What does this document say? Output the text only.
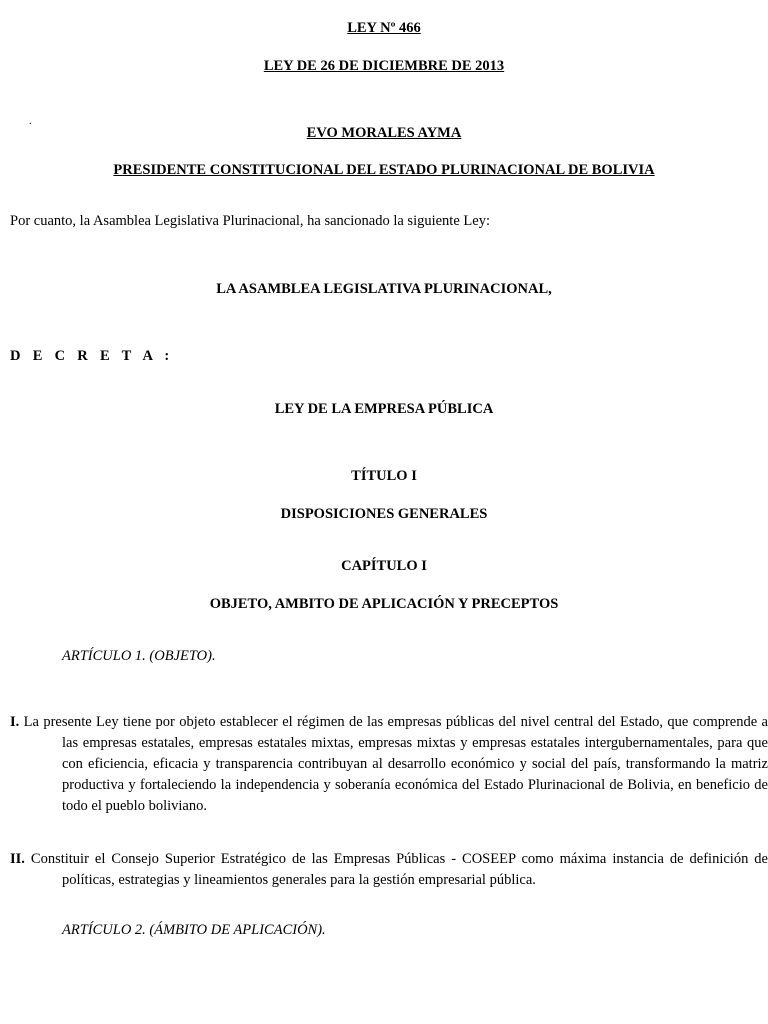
LEY Nº 466
LEY DE 26 DE DICIEMBRE DE 2013
.
EVO MORALES AYMA
PRESIDENTE CONSTITUCIONAL DEL ESTADO PLURINACIONAL DE BOLIVIA
Por cuanto, la Asamblea Legislativa Plurinacional, ha sancionado la siguiente Ley:
LA ASAMBLEA LEGISLATIVA PLURINACIONAL,
D E C R E T A :
LEY DE LA EMPRESA PÚBLICA
TÍTULO I
DISPOSICIONES GENERALES
CAPÍTULO I
OBJETO, AMBITO DE APLICACIÓN Y PRECEPTOS
ARTÍCULO 1. (OBJETO).
I. La presente Ley tiene por objeto establecer el régimen de las empresas públicas del nivel central del Estado, que comprende a las empresas estatales, empresas estatales mixtas, empresas mixtas y empresas estatales intergubernamentales, para que con eficiencia, eficacia y transparencia contribuyan al desarrollo económico y social del país, transformando la matriz productiva y fortaleciendo la independencia y soberanía económica del Estado Plurinacional de Bolivia, en beneficio de todo el pueblo boliviano.
II. Constituir el Consejo Superior Estratégico de las Empresas Públicas - COSEEP como máxima instancia de definición de políticas, estrategias y lineamientos generales para la gestión empresarial pública.
ARTÍCULO 2. (ÁMBITO DE APLICACIÓN).
